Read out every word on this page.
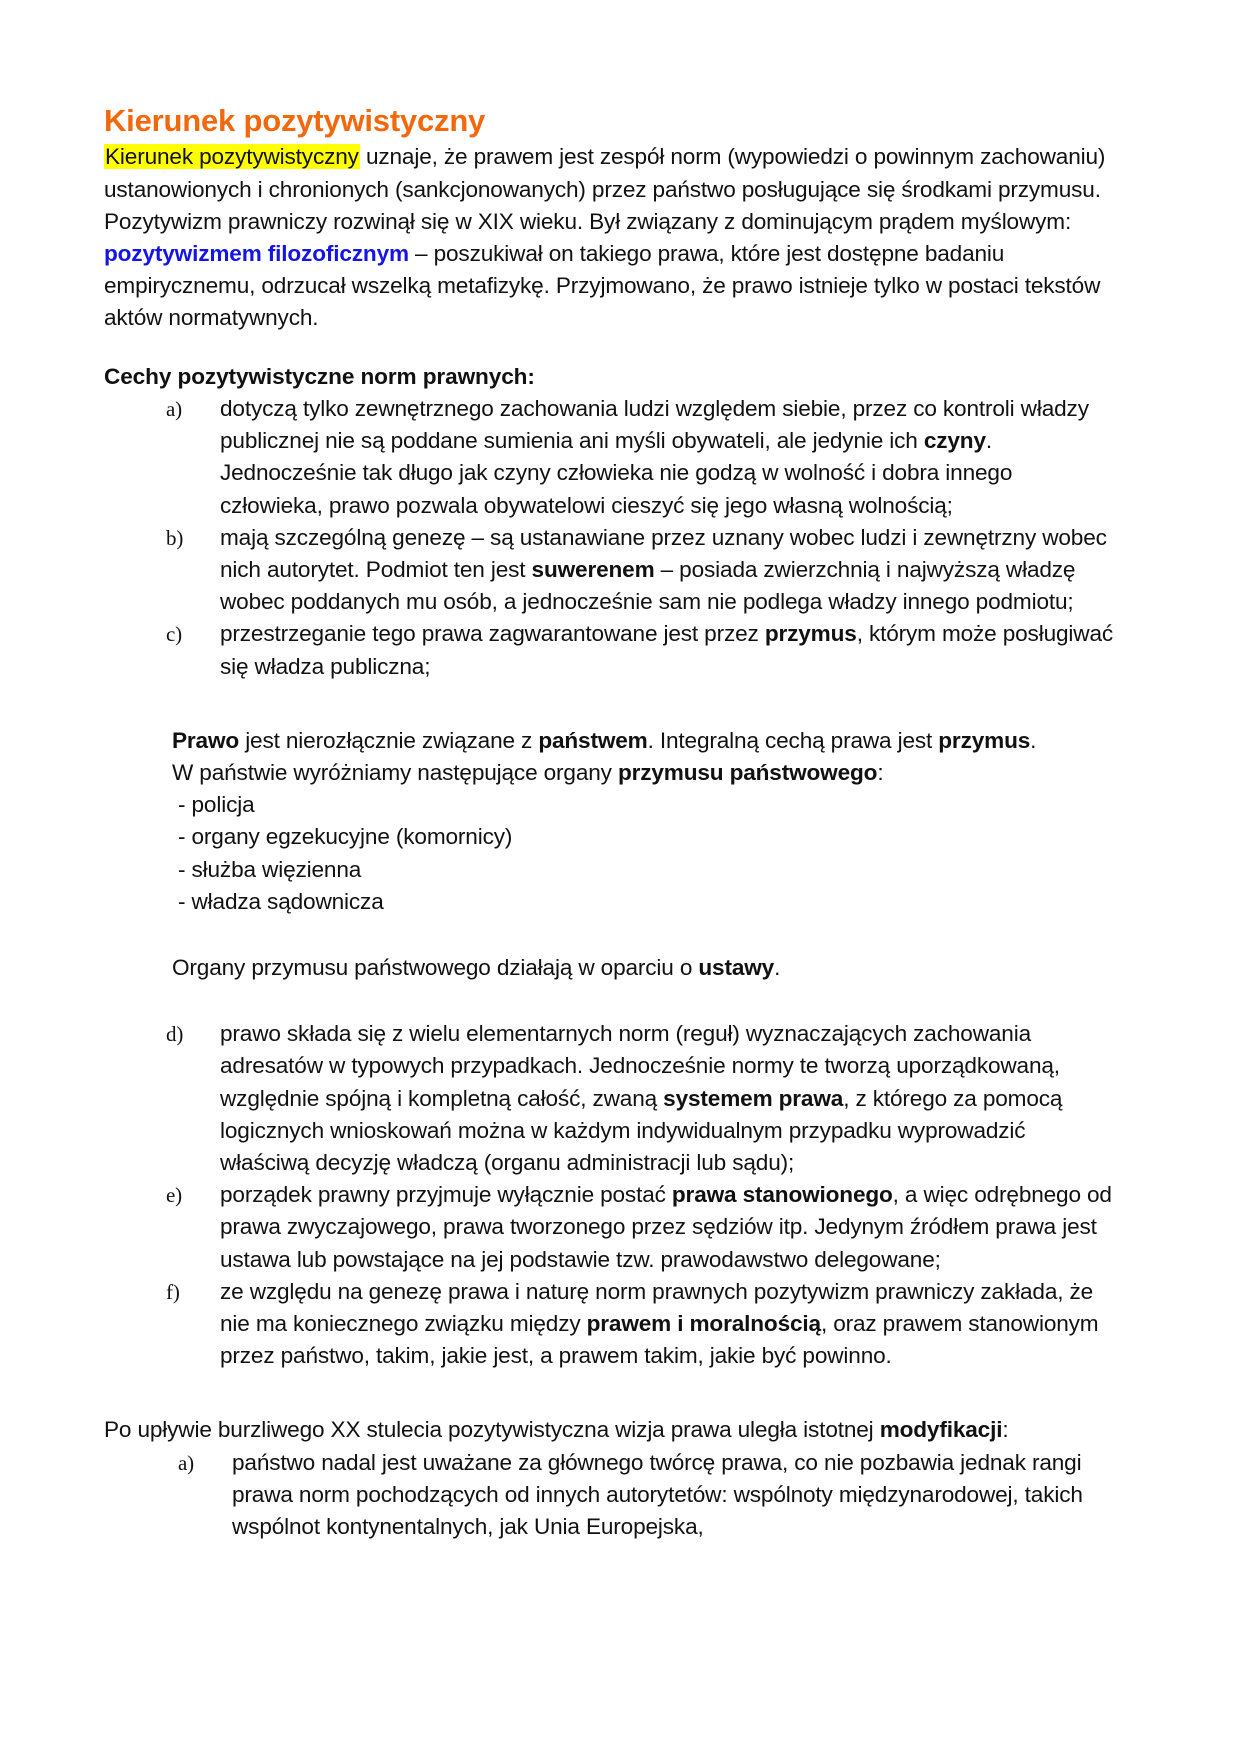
Kierunek pozytywistyczny

Kierunek pozytywistyczny uznaje, że prawem jest zespół norm (wypowiedzi o powinnym zachowaniu) ustanowionych i chronionych (sankcjonowanych) przez państwo posługujące się środkami przymusu.

Pozytywizm prawniczy rozwinął się w XIX wieku. Był związany z dominującym prądem myślowym: pozytywizmem filozoficznym – poszukiwał on takiego prawa, które jest dostępne badaniu empirycznemu, odrzucał wszelką metafizykę. Przyjmowano, że prawo istnieje tylko w postaci tekstów aktów normatywnych.

Cechy pozytywistyczne norm prawnych:

a)	dotyczą tylko zewnętrznego zachowania ludzi względem siebie, przez co kontroli władzy publicznej nie są poddane sumienia ani myśli obywateli, ale jedynie ich czyny. Jednocześnie tak długo jak czyny człowieka nie godzą w wolność i dobra innego człowieka, prawo pozwala obywatelowi cieszyć się jego własną wolnością;
b)	mają szczególną genezę – są ustanawiane przez uznany wobec ludzi i zewnętrzny wobec nich autorytet. Podmiot ten jest suwerenem – posiada zwierzchnią i najwyższą władzę wobec poddanych mu osób, a jednocześnie sam nie podlega władzy innego podmiotu;
c)	przestrzeganie tego prawa zagwarantowane jest przez przymus, którym może posługiwać się władza publiczna;

Prawo jest nierozłącznie związane z państwem. Integralną cechą prawa jest przymus.

W państwie wyróżniamy następujące organy przymusu państwowego:

- policja
- organy egzekucyjne (komornicy)
- służba więzienna
- władza sądownicza

Organy przymusu państwowego działają w oparciu o ustawy.

d)	prawo składa się z wielu elementarnych norm (reguł) wyznaczających zachowania adresatów w typowych przypadkach. Jednocześnie normy te tworzą uporządkowaną, względnie spójną i kompletną całość, zwaną systemem prawa, z którego za pomocą logicznych wnioskowań można w każdym indywidualnym przypadku wyprowadzić właściwą decyzję władczą (organu administracji lub sądu);
e)	porządek prawny przyjmuje wyłącznie postać prawa stanowionego, a więc odrębnego od prawa zwyczajowego, prawa tworzonego przez sędziów itp. Jedynym źródłem prawa jest ustawa lub powstające na jej podstawie tzw. prawodawstwo delegowane;
f)	ze względu na genezę prawa i naturę norm prawnych pozytywizm prawniczy zakłada, że nie ma koniecznego związku między prawem i moralnością, oraz prawem stanowionym przez państwo, takim, jakie jest, a prawem takim, jakie być powinno.

Po upływie burzliwego XX stulecia pozytywistyczna wizja prawa uległa istotnej modyfikacji:

a)	państwo nadal jest uważane za głównego twórcę prawa, co nie pozbawia jednak rangi prawa norm pochodzących od innych autorytetów: wspólnoty międzynarodowej, takich wspólnot kontynentalnych, jak Unia Europejska,
